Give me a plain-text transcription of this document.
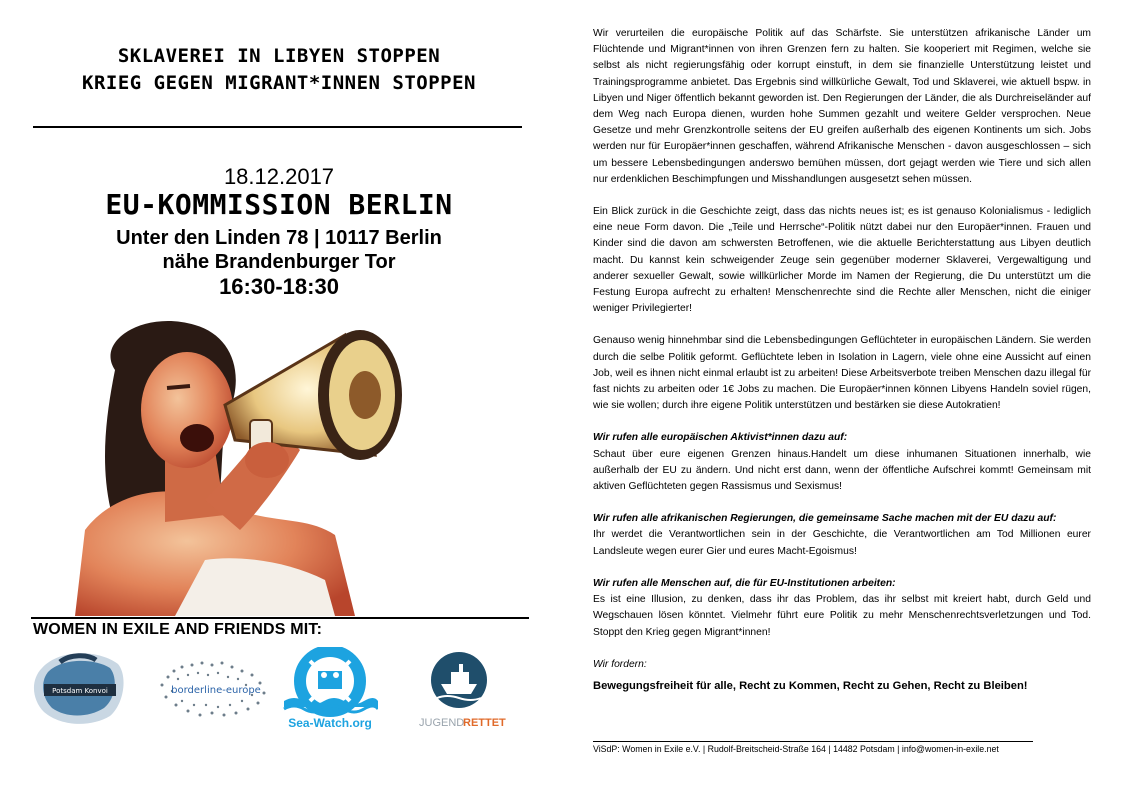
SKLAVEREI IN LIBYEN STOPPEN
KRIEG GEGEN MIGRANT*INNEN STOPPEN
18.12.2017
EU-KOMMISSION BERLIN
Unter den Linden 78 | 10117 Berlin
nähe Brandenburger Tor
16:30-18:30
WOMEN IN EXILE AND FRIENDS MIT:
Potsdam Konvoi	borderline-europe
Sea-Watch.org	JUGEND
RETTET

Wir verurteilen die europäische Politik auf das Schärfste. Sie unterstützen afrikanische Länder um Flüchtende und Migrant*innen von ihren Grenzen fern zu halten. Sie kooperiert mit Regimen, welche sie selbst als nicht regierungsfähig oder korrupt einstuft, in dem sie finanzielle Unterstützung leistet und Trainingsprogramme anbietet. Das Ergebnis sind willkürliche Gewalt, Tod und Sklaverei, wie aktuell bspw. in Libyen und Niger öffentlich bekannt geworden ist. Den Regierungen der Länder, die als Durchreiseländer auf dem Weg nach Europa dienen, wurden hohe Summen gezahlt und weitere Gelder versprochen. Neue Gesetze und mehr Grenzkontrolle seitens der EU greifen außerhalb des eigenen Kontinents um sich. Jobs werden nur für Europäer*innen geschaffen, während Afrikanische Menschen - davon ausgeschlossen – sich um bessere Lebensbedingungen anderswo bemühen müssen, dort gejagt werden wie Tiere und sich allen nur erdenklichen Beschimpfungen und Misshandlungen ausgesetzt sehen müssen.

Ein Blick zurück in die Geschichte zeigt, dass das nichts neues ist; es ist genauso Kolonialismus - lediglich eine neue Form davon. Die „Teile und Herrsche“-Politik nützt dabei nur den Europäer*innen. Frauen und Kinder sind die davon am schwersten Betroffenen, wie die aktuelle Berichterstattung aus Libyen deutlich macht. Du kannst kein schweigender Zeuge sein gegenüber moderner Sklaverei, Vergewaltigung und anderer sexueller Gewalt, sowie willkürlicher Morde im Namen der Regierung, die Du unterstützt um die Festung Europa aufrecht zu erhalten! Menschenrechte sind die Rechte aller Menschen, nicht die einiger weniger Privilegierter!

Genauso wenig hinnehmbar sind die Lebensbedingungen Geflüchteter in europäischen Ländern. Sie werden durch die selbe Politik geformt. Geflüchtete leben in Isolation in Lagern, viele ohne eine Aussicht auf einen Job, weil es ihnen nicht einmal erlaubt ist zu arbeiten! Diese Arbeitsverbote treiben Menschen dazu illegal für fast nichts zu arbeiten oder 1€ Jobs zu machen. Die Europäer*innen können Libyens Handeln soviel rügen, wie sie wollen; durch ihre eigene Politik unterstützen und bestärken sie diese Autokratien!

Wir rufen alle europäischen Aktivist*innen dazu auf:

Schaut über eure eigenen Grenzen hinaus.Handelt um diese inhumanen Situationen innerhalb, wie außerhalb der EU zu ändern. Und nicht erst dann, wenn der öffentliche Aufschrei kommt! Gemeinsam mit aktiven Geflüchteten gegen Rassismus und Sexismus!

Wir rufen alle afrikanischen Regierungen, die gemeinsame Sache machen mit der EU dazu auf:

Ihr werdet die Verantwortlichen sein in der Geschichte, die Verantwortlichen am Tod Millionen eurer Landsleute wegen eurer Gier und eures Macht-Egoismus!

Wir rufen alle Menschen auf, die für EU-Institutionen arbeiten:

Es ist eine Illusion, zu denken, dass ihr das Problem, das ihr selbst mit kreiert habt, durch Geld und Wegschauen lösen könntet. Vielmehr führt eure Politik zu mehr Menschenrechtsverletzungen und Tod. Stoppt den Krieg gegen Migrant*innen!

Wir fordern:

Bewegungsfreiheit für alle, Recht zu Kommen, Recht zu Gehen, Recht zu Bleiben!

ViSdP: Women in Exile e.V. | Rudolf-Breitscheid-Straße 164 | 14482 Potsdam | info@women-in-exile.net
